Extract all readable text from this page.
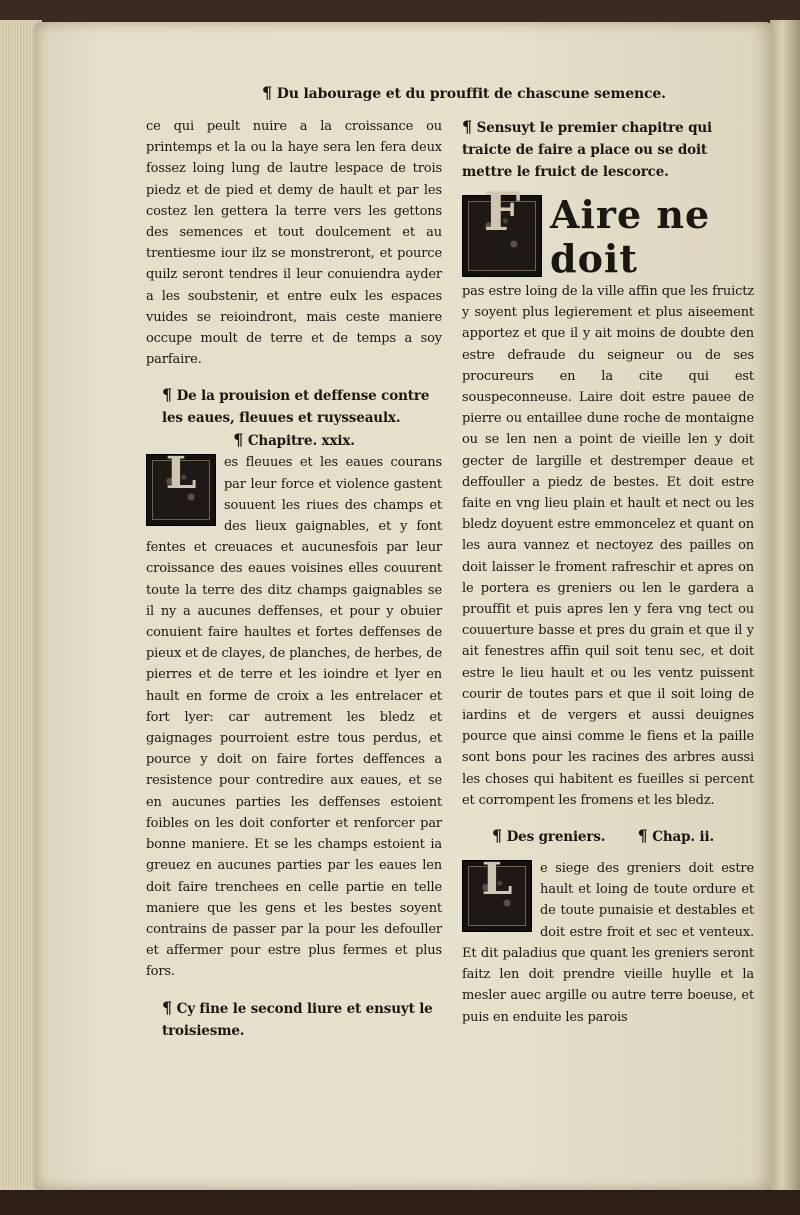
¶ Du labourage et du prouffit de chascune semence.

ce qui peult nuire a la croissance ou printemps et la ou la haye sera len fera deux fossez loing lung de lautre lespace de trois piedz et de pied et demy de hault et par les costez len gettera la terre vers les gettons des semences et tout doulcement et au trentiesme iour ilz se monstreront, et pource quilz seront tendres il leur conuiendra ayder a les soubstenir, et entre eulx les espaces vuides se reioindront, mais ceste maniere occupe moult de terre et de temps a soy parfaire.

¶ De la prouision et deffense contre les eaues, fleuues et ruysseaulx.
¶ Chapitre. xxix.
L	es fleuues et les eaues courans par leur force et violence gastent souuent les riues des champs et des lieux gaignables, et y font fentes et creuaces et aucunesfois par leur croissance des eaues voisines elles couurent toute la terre des ditz champs gaignables se il ny a aucunes deffenses, et pour y obuier conuient faire haultes et fortes deffenses de pieux et de clayes, de planches, de herbes, de pierres et de terre et les ioindre et lyer en hault en forme de croix a les entrelacer et fort lyer: car autrement les bledz et gaignages pourroient estre tous perdus, et pource y doit on faire fortes deffences a resistence pour contredire aux eaues, et se en aucunes parties les deffenses estoient foibles on les doit conforter et renforcer par bonne maniere. Et se les champs estoient ia greuez en aucunes parties par les eaues len doit faire trenchees en celle partie en telle maniere que les gens et les bestes soyent contrains de passer par la pour les defouller et affermer pour estre plus fermes et plus fors.

¶ Cy fine le second liure et ensuyt le troisiesme.
¶ Sensuyt le premier chapitre qui traicte de faire a place ou se doit mettre le fruict de lescorce.
F Aire ne doit

pas estre loing de la ville affin que les fruictz y soyent plus legierement et plus aiseement apportez et que il y ait moins de doubte den estre defraude du seigneur ou de ses procureurs en la cite qui est souspeconneuse. Laire doit estre pauee de pierre ou entaillee dune roche de montaigne ou se len nen a point de vieille len y doit gecter de largille et destremper deaue et deffouller a piedz de bestes. Et doit estre faite en vng lieu plain et hault et nect ou les bledz doyuent estre emmoncelez et quant on les aura vannez et nectoyez des pailles on doit laisser le froment rafreschir et apres on le portera es greniers ou len le gardera a prouffit et puis apres len y fera vng tect ou couuerture basse et pres du grain et que il y ait fenestres affin quil soit tenu sec, et doit estre le lieu hault et ou les ventz puissent courir de toutes pars et que il soit loing de iardins et de vergers et aussi deuignes pource que ainsi comme le fiens et la paille sont bons pour les racines des arbres aussi les choses qui habitent es fueilles si percent et corrompent les fromens et les bledz.

¶ Des greniers. ¶ Chap. ii.
L	e siege des greniers doit estre hault et loing de toute ordure et de toute punaisie et destables et doit estre froit et sec et venteux. Et dit paladius que quant les greniers seront faitz len doit prendre vieille huylle et la mesler auec argille ou autre terre boeuse, et puis en enduite les parois
